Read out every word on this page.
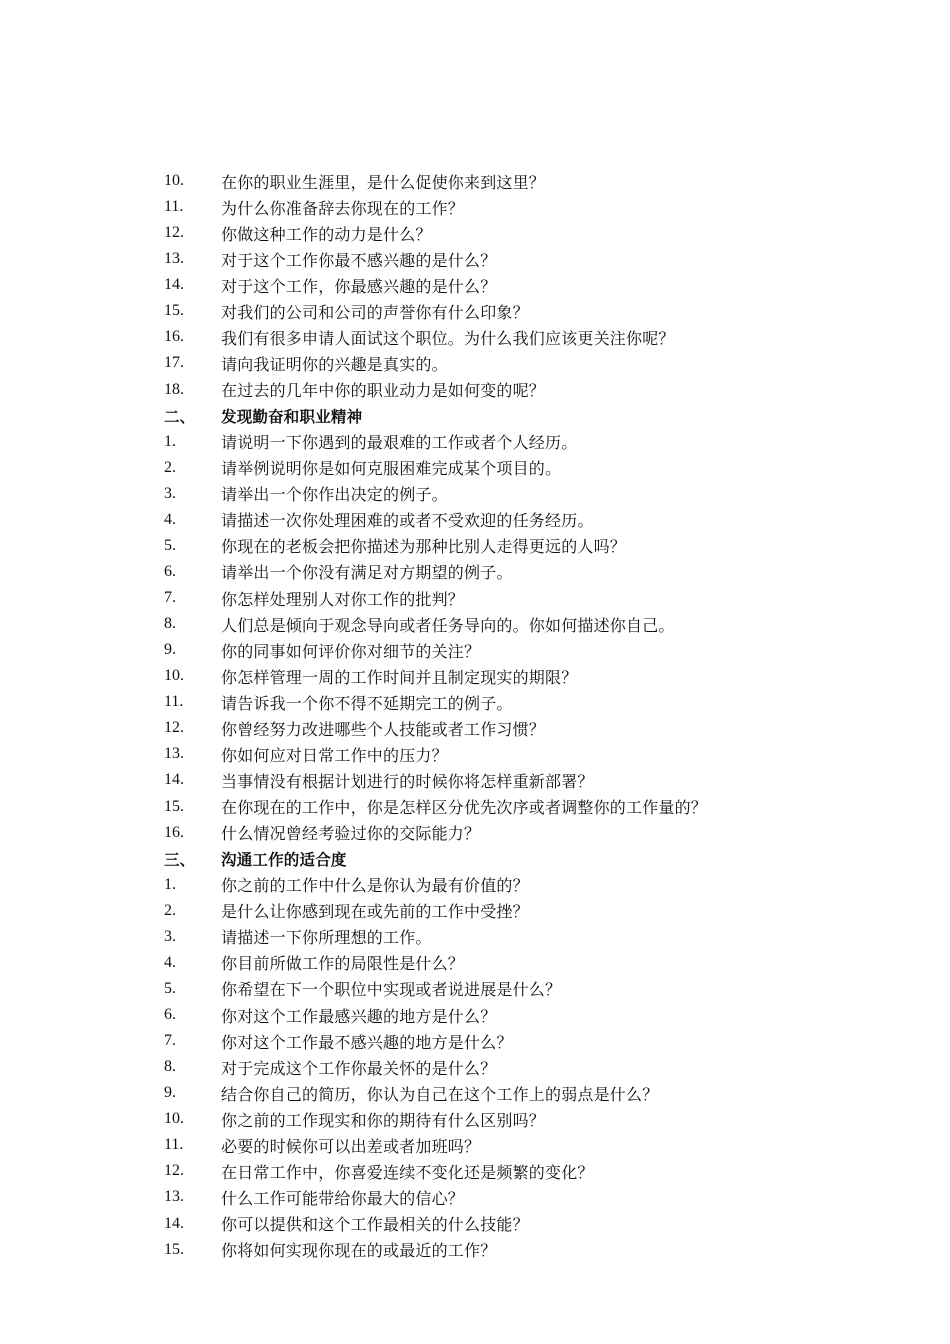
10.	在你的职业生涯里，是什么促使你来到这里？
11.	为什么你准备辞去你现在的工作？
12.	你做这种工作的动力是什么？
13.	对于这个工作你最不感兴趣的是什么？
14.	对于这个工作，你最感兴趣的是什么？
15.	对我们的公司和公司的声誉你有什么印象？
16.	我们有很多申请人面试这个职位。为什么我们应该更关注你呢？
17.	请向我证明你的兴趣是真实的。
18.	在过去的几年中你的职业动力是如何变的呢？
二、	发现勤奋和职业精神
1.	请说明一下你遇到的最艰难的工作或者个人经历。
2.	请举例说明你是如何克服困难完成某个项目的。
3.	请举出一个你作出决定的例子。
4.	请描述一次你处理困难的或者不受欢迎的任务经历。
5.	你现在的老板会把你描述为那种比别人走得更远的人吗？
6.	请举出一个你没有满足对方期望的例子。
7.	你怎样处理别人对你工作的批判？
8.	人们总是倾向于观念导向或者任务导向的。你如何描述你自己。
9.	你的同事如何评价你对细节的关注？
10.	你怎样管理一周的工作时间并且制定现实的期限？
11.	请告诉我一个你不得不延期完工的例子。
12.	你曾经努力改进哪些个人技能或者工作习惯？
13.	你如何应对日常工作中的压力？
14.	当事情没有根据计划进行的时候你将怎样重新部署？
15.	在你现在的工作中，你是怎样区分优先次序或者调整你的工作量的？
16.	什么情况曾经考验过你的交际能力？
三、	沟通工作的适合度
1.	你之前的工作中什么是你认为最有价值的？
2.	是什么让你感到现在或先前的工作中受挫？
3.	请描述一下你所理想的工作。
4.	你目前所做工作的局限性是什么？
5.	你希望在下一个职位中实现或者说进展是什么？
6.	你对这个工作最感兴趣的地方是什么？
7.	你对这个工作最不感兴趣的地方是什么？
8.	对于完成这个工作你最关怀的是什么？
9.	结合你自己的简历，你认为自己在这个工作上的弱点是什么？
10.	你之前的工作现实和你的期待有什么区别吗？
11.	必要的时候你可以出差或者加班吗？
12.	在日常工作中，你喜爱连续不变化还是频繁的变化？
13.	什么工作可能带给你最大的信心？
14.	你可以提供和这个工作最相关的什么技能？
15.	你将如何实现你现在的或最近的工作？
